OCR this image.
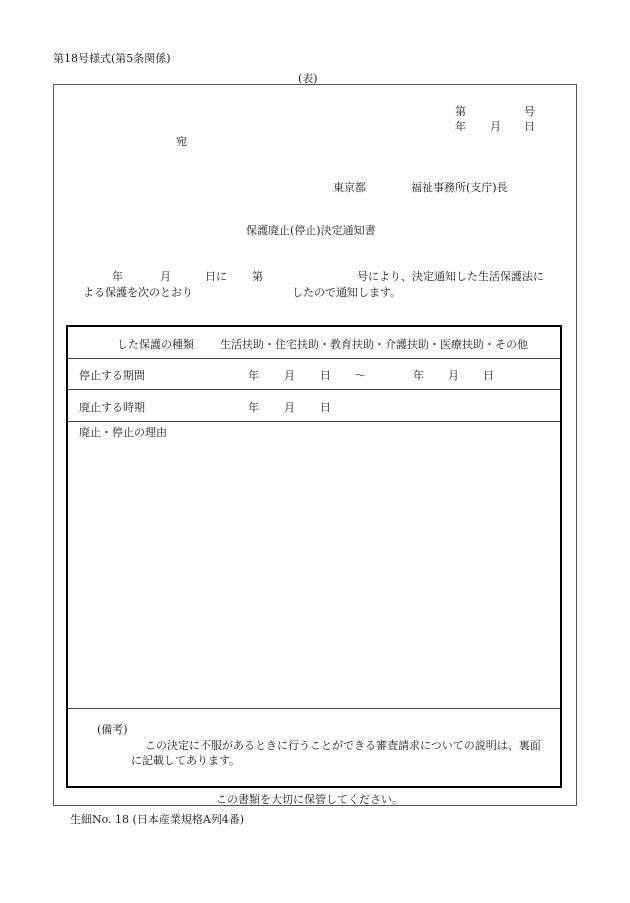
第18号様式(第5条関係)
(表)
第	号
年 月 日
宛
東京都	福祉事務所(支庁)長
保護廃止(停止)決定通知書
年	月	日に 第	号により、決定通知した生活保護法に
よる保護を次のとおり	したので通知します。
した保護の種類 生活扶助・住宅扶助・教育扶助・介護扶助・医療扶助・その他
停止する期間	年 月 日 〜	年 月 日
廃止する時期	年 月 日
廃止・停止の理由
(備考)
この決定に不服があるときに行うことができる審査請求についての説明は、裏面
に記載してあります。
この書類を大切に保管してください。
生細No. 18 (日本産業規格A列4番)
